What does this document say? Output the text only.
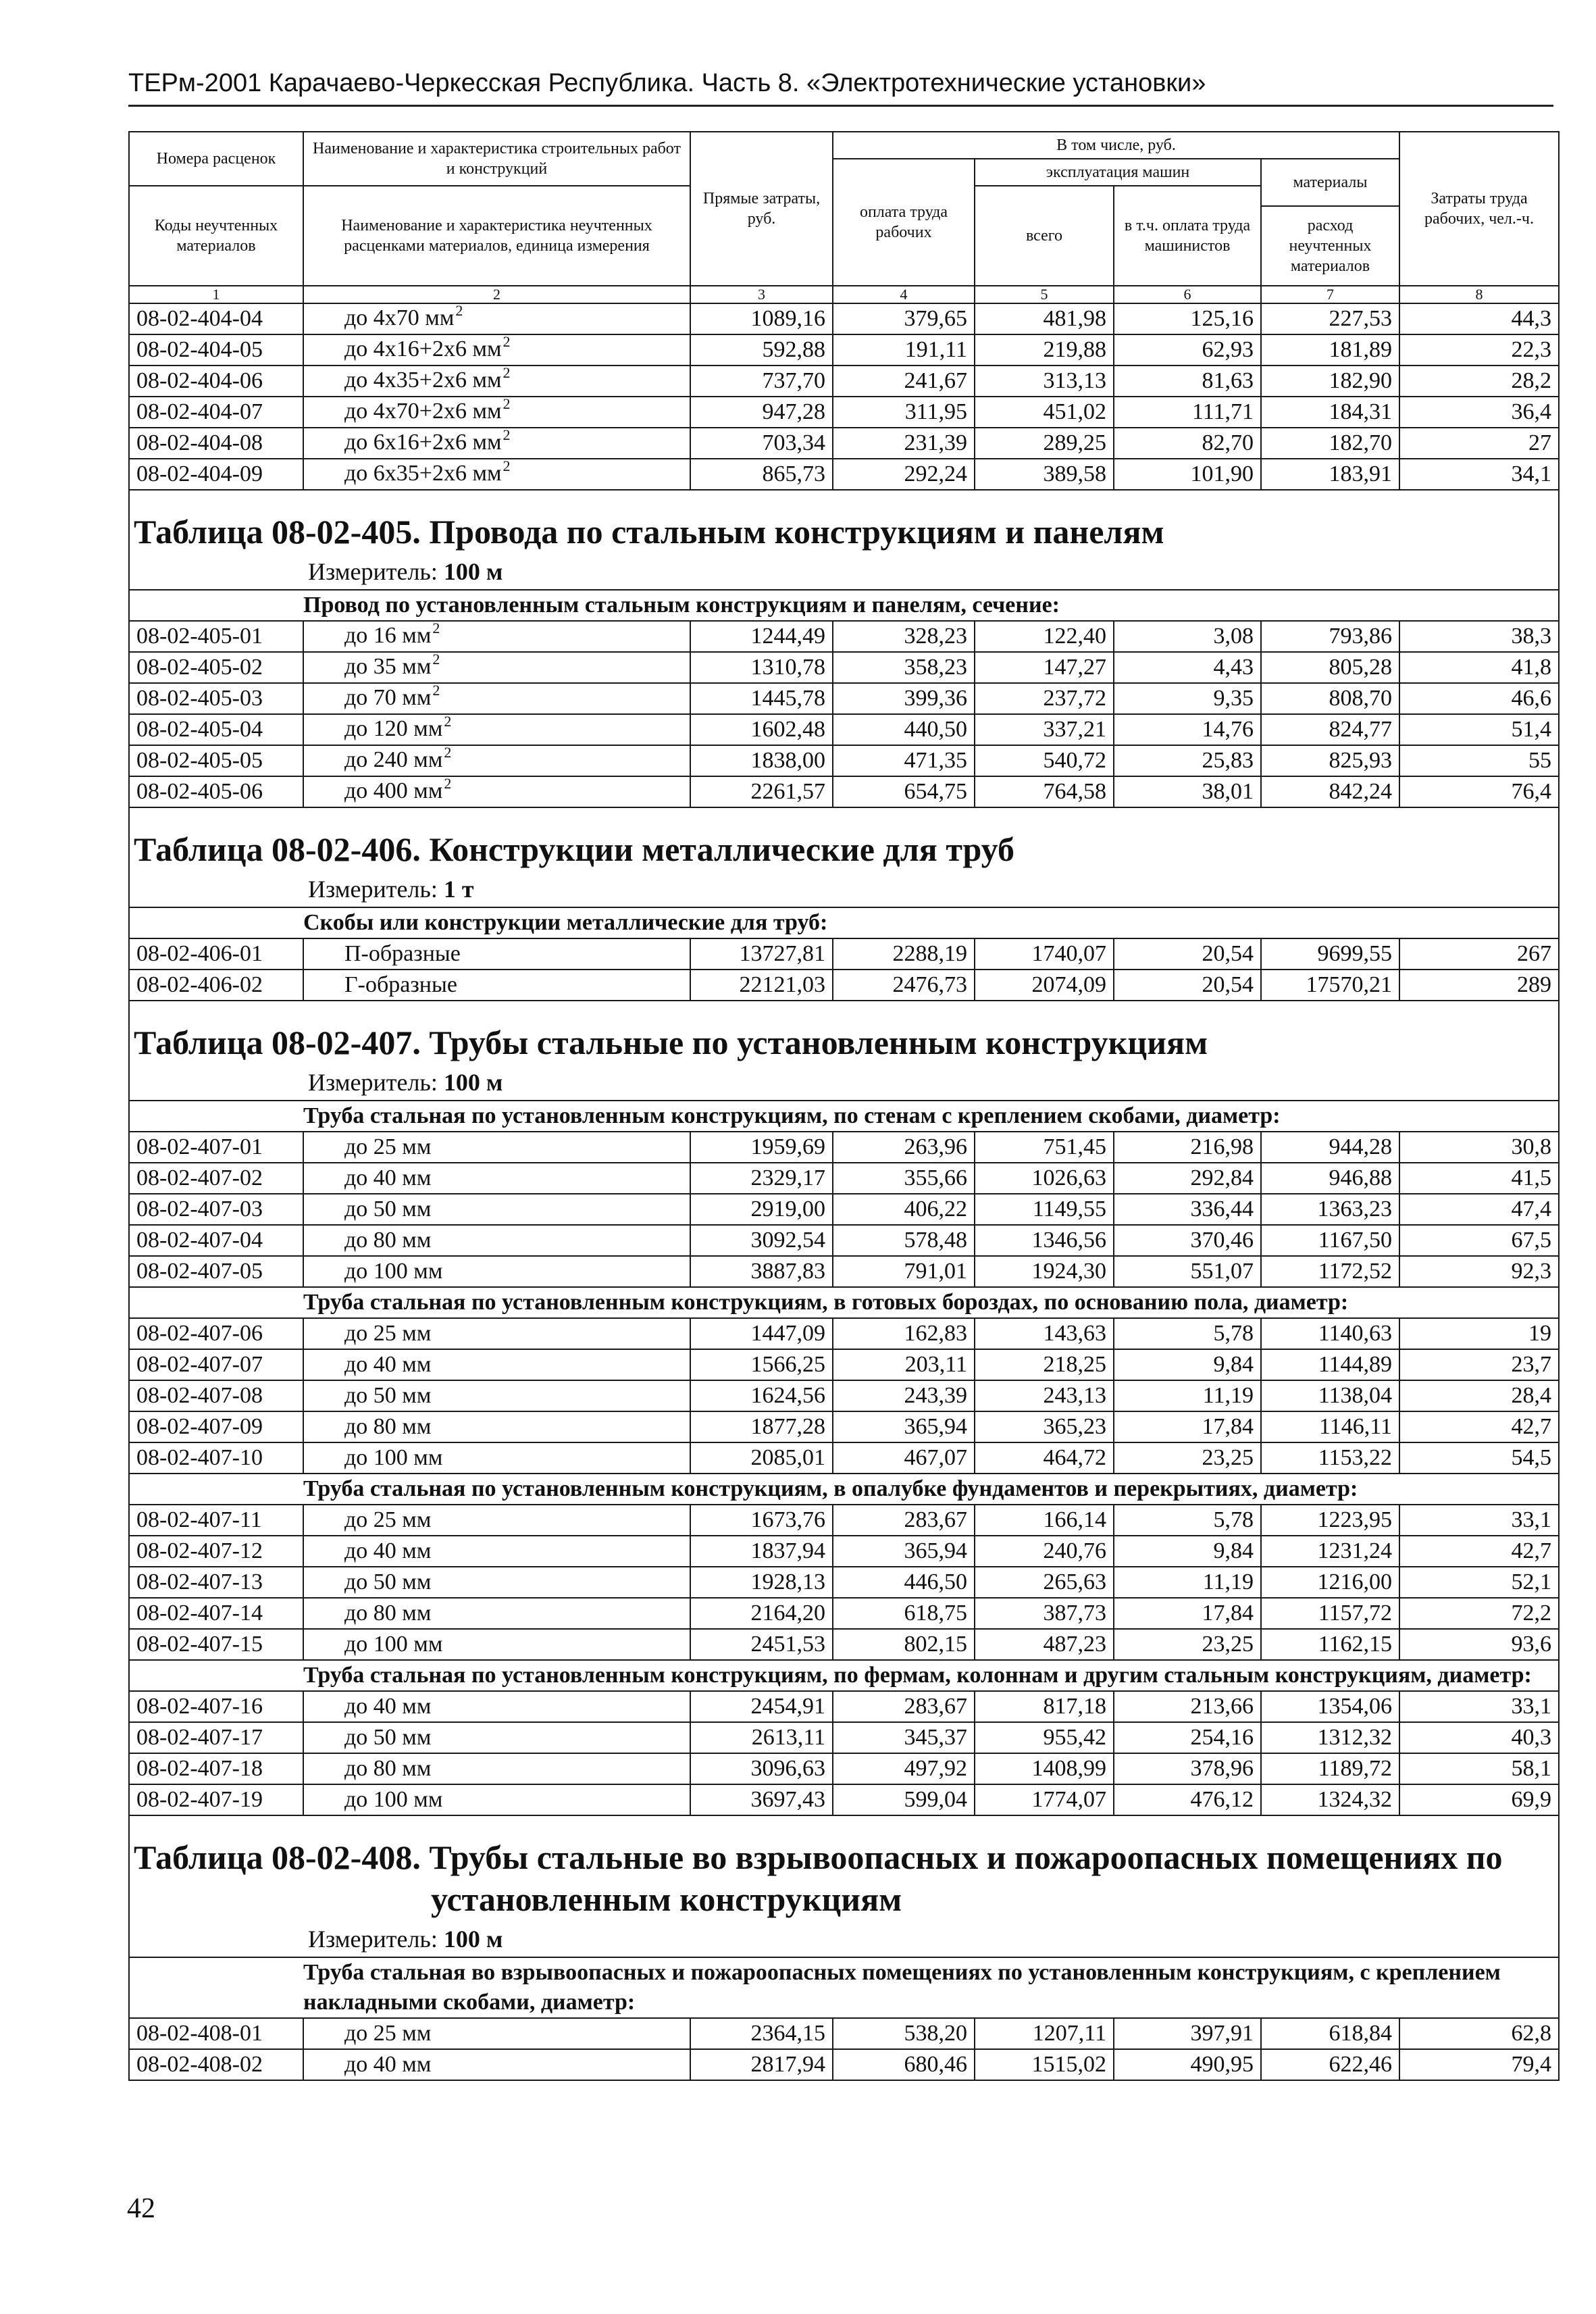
ТЕРм-2001 Карачаево-Черкесская Республика. Часть 8. «Электротехнические установки»
Номера расценок	Наименование и характеристика строительных работ и конструкций	Прямые затраты, руб.	В том числе, руб.				Затраты труда рабочих, чел.-ч.
			оплата труда рабочих	эксплуатация машин		материалы	
Коды неучтенных материалов	Наименование и характеристика неучтенных расценками материалов, единица измерения			всего	в т.ч. оплата труда машинистов		
						расход неучтенных материалов	
1	2	3	4	5	6	7	8
08-02-404-04	до 4х70 $мм^2$	1089,16	379,65	481,98	125,16	227,53	44,3
08-02-404-05	до 4х16+2х6 $мм^2$	592,88	191,11	219,88	62,93	181,89	22,3
08-02-404-06	до 4х35+2х6 $мм^2$	737,70	241,67	313,13	81,63	182,90	28,2
08-02-404-07	до 4х70+2х6 $мм^2$	947,28	311,95	451,02	111,71	184,31	36,4
08-02-404-08	до 6х16+2х6 $мм^2$	703,34	231,39	289,25	82,70	182,70	27
08-02-404-09	до 6х35+2х6 $мм^2$	865,73	292,24	389,58	101,90	183,91	34,1

Таблица 08-02-405. Провода по стальным конструкциям и панелям							

Измеритель: 100 м							
	Провод по установленным стальным конструкциям и панелям, сечение:						
08-02-405-01	до 16 $мм^2$	1244,49	328,23	122,40	3,08	793,86	38,3
08-02-405-02	до 35 $мм^2$	1310,78	358,23	147,27	4,43	805,28	41,8
08-02-405-03	до 70 $мм^2$	1445,78	399,36	237,72	9,35	808,70	46,6
08-02-405-04	до 120 $мм^2$	1602,48	440,50	337,21	14,76	824,77	51,4
08-02-405-05	до 240 $мм^2$	1838,00	471,35	540,72	25,83	825,93	55
08-02-405-06	до 400 $мм^2$	2261,57	654,75	764,58	38,01	842,24	76,4

Таблица 08-02-406. Конструкции металлические для труб							

Измеритель: 1 т							
	Скобы или конструкции металлические для труб:						
08-02-406-01	П-образные	13727,81	2288,19	1740,07	20,54	9699,55	267
08-02-406-02	Г-образные	22121,03	2476,73	2074,09	20,54	17570,21	289

Таблица 08-02-407. Трубы стальные по установленным конструкциям							

Измеритель: 100 м							
	Труба стальная по установленным конструкциям, по стенам с креплением скобами, диаметр:						
08-02-407-01	до 25 мм	1959,69	263,96	751,45	216,98	944,28	30,8
08-02-407-02	до 40 мм	2329,17	355,66	1026,63	292,84	946,88	41,5
08-02-407-03	до 50 мм	2919,00	406,22	1149,55	336,44	1363,23	47,4
08-02-407-04	до 80 мм	3092,54	578,48	1346,56	370,46	1167,50	67,5
08-02-407-05	до 100 мм	3887,83	791,01	1924,30	551,07	1172,52	92,3
	Труба стальная по установленным конструкциям, в готовых бороздах, по основанию пола, диаметр:						
08-02-407-06	до 25 мм	1447,09	162,83	143,63	5,78	1140,63	19
08-02-407-07	до 40 мм	1566,25	203,11	218,25	9,84	1144,89	23,7
08-02-407-08	до 50 мм	1624,56	243,39	243,13	11,19	1138,04	28,4
08-02-407-09	до 80 мм	1877,28	365,94	365,23	17,84	1146,11	42,7
08-02-407-10	до 100 мм	2085,01	467,07	464,72	23,25	1153,22	54,5
	Труба стальная по установленным конструкциям, в опалубке фундаментов и перекрытиях, диаметр:						
08-02-407-11	до 25 мм	1673,76	283,67	166,14	5,78	1223,95	33,1
08-02-407-12	до 40 мм	1837,94	365,94	240,76	9,84	1231,24	42,7
08-02-407-13	до 50 мм	1928,13	446,50	265,63	11,19	1216,00	52,1
08-02-407-14	до 80 мм	2164,20	618,75	387,73	17,84	1157,72	72,2
08-02-407-15	до 100 мм	2451,53	802,15	487,23	23,25	1162,15	93,6
	Труба стальная по установленным конструкциям, по фермам, колоннам и другим стальным конструкциям, диаметр:						
08-02-407-16	до 40 мм	2454,91	283,67	817,18	213,66	1354,06	33,1
08-02-407-17	до 50 мм	2613,11	345,37	955,42	254,16	1312,32	40,3
08-02-407-18	до 80 мм	3096,63	497,92	1408,99	378,96	1189,72	58,1
08-02-407-19	до 100 мм	3697,43	599,04	1774,07	476,12	1324,32	69,9

Таблица 08-02-408. Трубы стальные во взрывоопасных и пожароопасных помещениях по установленным конструкциям							

Измеритель: 100 м							
	Труба стальная во взрывоопасных и пожароопасных помещениях по установленным конструкциям, с креплением накладными скобами, диаметр:						
08-02-408-01	до 25 мм	2364,15	538,20	1207,11	397,91	618,84	62,8
08-02-408-02	до 40 мм	2817,94	680,46	1515,02	490,95	622,46	79,4
42
